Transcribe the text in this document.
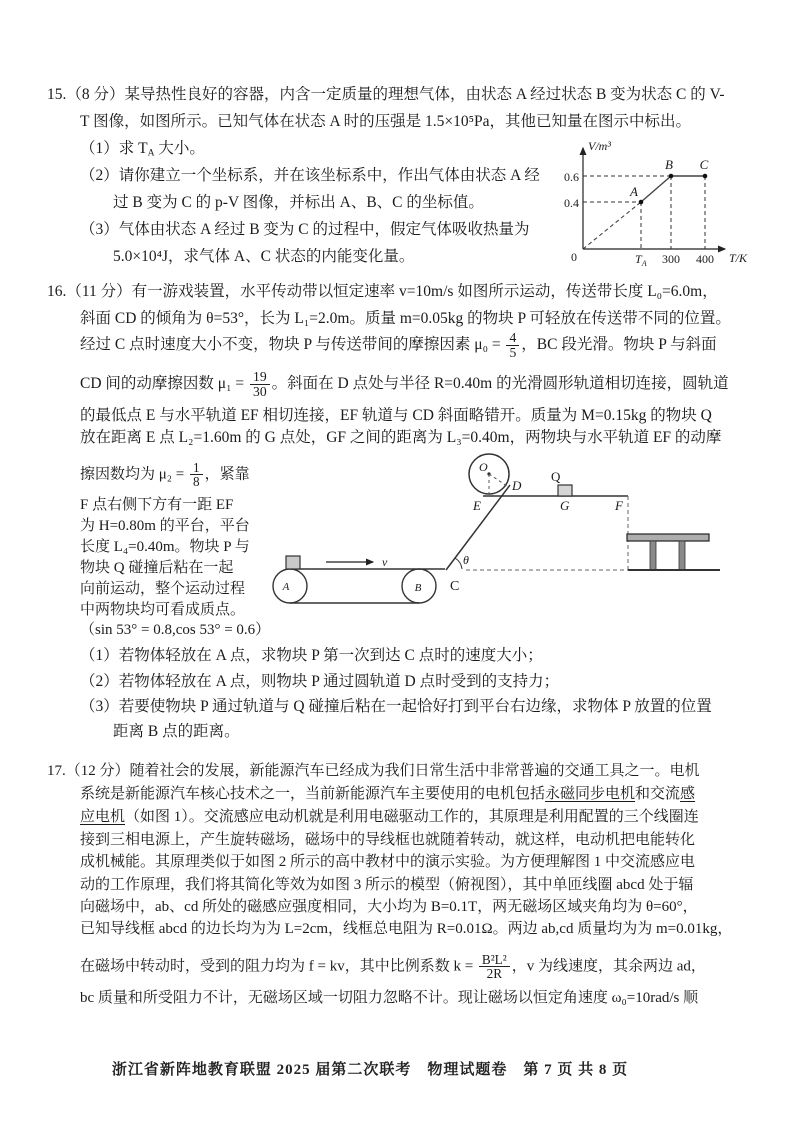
15.（8 分）某导热性良好的容器，内含一定质量的理想气体，由状态 A 经过状态 B 变为状态 C 的 V-
T 图像，如图所示。已知气体在状态 A 时的压强是 1.5×10⁵Pa，其他已知量在图示中标出。
（1）求 $T_A$ 大小。
（2）请你建立一个坐标系，并在该坐标系中，作出气体由状态 A 经
过 B 变为 C 的 p-V 图像，并标出 A、B、C 的坐标值。
（3）气体由状态 A 经过 B 变为 C 的过程中，假定气体吸收热量为
5.0×10⁴J，求气体 A、C 状态的内能变化量。
16.（11 分）有一游戏装置，水平传动带以恒定速率 v=10m/s 如图所示运动，传送带长度 L₀=6.0m，
斜面 CD 的倾角为 θ=53°，长为 L₁=2.0m。质量 m=0.05kg 的物块 P 可轻放在传送带不同的位置。
经过 C 点时速度大小不变，物块 P 与传送带间的摩擦因素 $\mu_0 = \frac{4}{5}$ ，BC 段光滑。物块 P 与斜面
CD 间的动摩擦因数 $\mu_1 = \frac{19}{30}$ 。斜面在 D 点处与半径 R=0.40m 的光滑圆形轨道相切连接，圆轨道
的最低点 E 与水平轨道 EF 相切连接，EF 轨道与 CD 斜面略错开。质量为 M=0.15kg 的物块 Q
放在距离 E 点 L₂=1.60m 的 G 点处，GF 之间的距离为 L₃=0.40m，两物块与水平轨道 EF 的动摩
擦因数均为 $\mu_2 = \frac{1}{8}$ ，紧靠
F 点右侧下方有一距 EF
为 H=0.80m 的平台，平台
长度 L₄=0.40m。物块 P 与
物块 Q 碰撞后粘在一起
向前运动，整个运动过程
中两物块均可看成质点。
（sin 53° = 0.8,cos 53° = 0.6）
（1）若物体轻放在 A 点，求物块 P 第一次到达 C 点时的速度大小；
（2）若物体轻放在 A 点，则物块 P 通过圆轨道 D 点时受到的支持力；
（3）若要使物块 P 通过轨道与 Q 碰撞后粘在一起恰好打到平台右边缘，求物体 P 放置的位置
距离 B 点的距离。
17.（12 分）随着社会的发展，新能源汽车已经成为我们日常生活中非常普遍的交通工具之一。电机
系统是新能源汽车核心技术之一，当前新能源汽车主要使用的电机包括永磁同步电机和交流感
应电机（如图 1）。交流感应电动机就是利用电磁驱动工作的，其原理是利用配置的三个线圈连
接到三相电源上，产生旋转磁场，磁场中的导线框也就随着转动，就这样，电动机把电能转化
成机械能。其原理类似于如图 2 所示的高中教材中的演示实验。为方便理解图 1 中交流感应电
动的工作原理，我们将其简化等效为如图 3 所示的模型（俯视图），其中单匝线圈 abcd 处于辐
向磁场中，ab、cd 所处的磁感应强度相同，大小均为 B=0.1T，两无磁场区域夹角均为 θ=60°，
已知导线框 abcd 的边长均为为 L=2cm，线框总电阻为 R=0.01Ω。两边 ab,cd 质量均为为 m=0.01kg，
在磁场中转动时，受到的阻力均为 f = kv，其中比例系数 $k = \frac{\text{B²L²}}{2R}$ ，v 为线速度，其余两边 ad，
bc 质量和所受阻力不计，无磁场区域一切阻力忽略不计。现让磁场以恒定角速度 ω₀=10rad/s 顺
V/m³
T/K
0
0.6
0.4
$T_A$ 300 400
A
B C
A	B
v	θ
C
O
D
E
Q
G	F
浙江省新阵地教育联盟 2025 届第二次联考　物理试题卷　第 7 页 共 8 页
